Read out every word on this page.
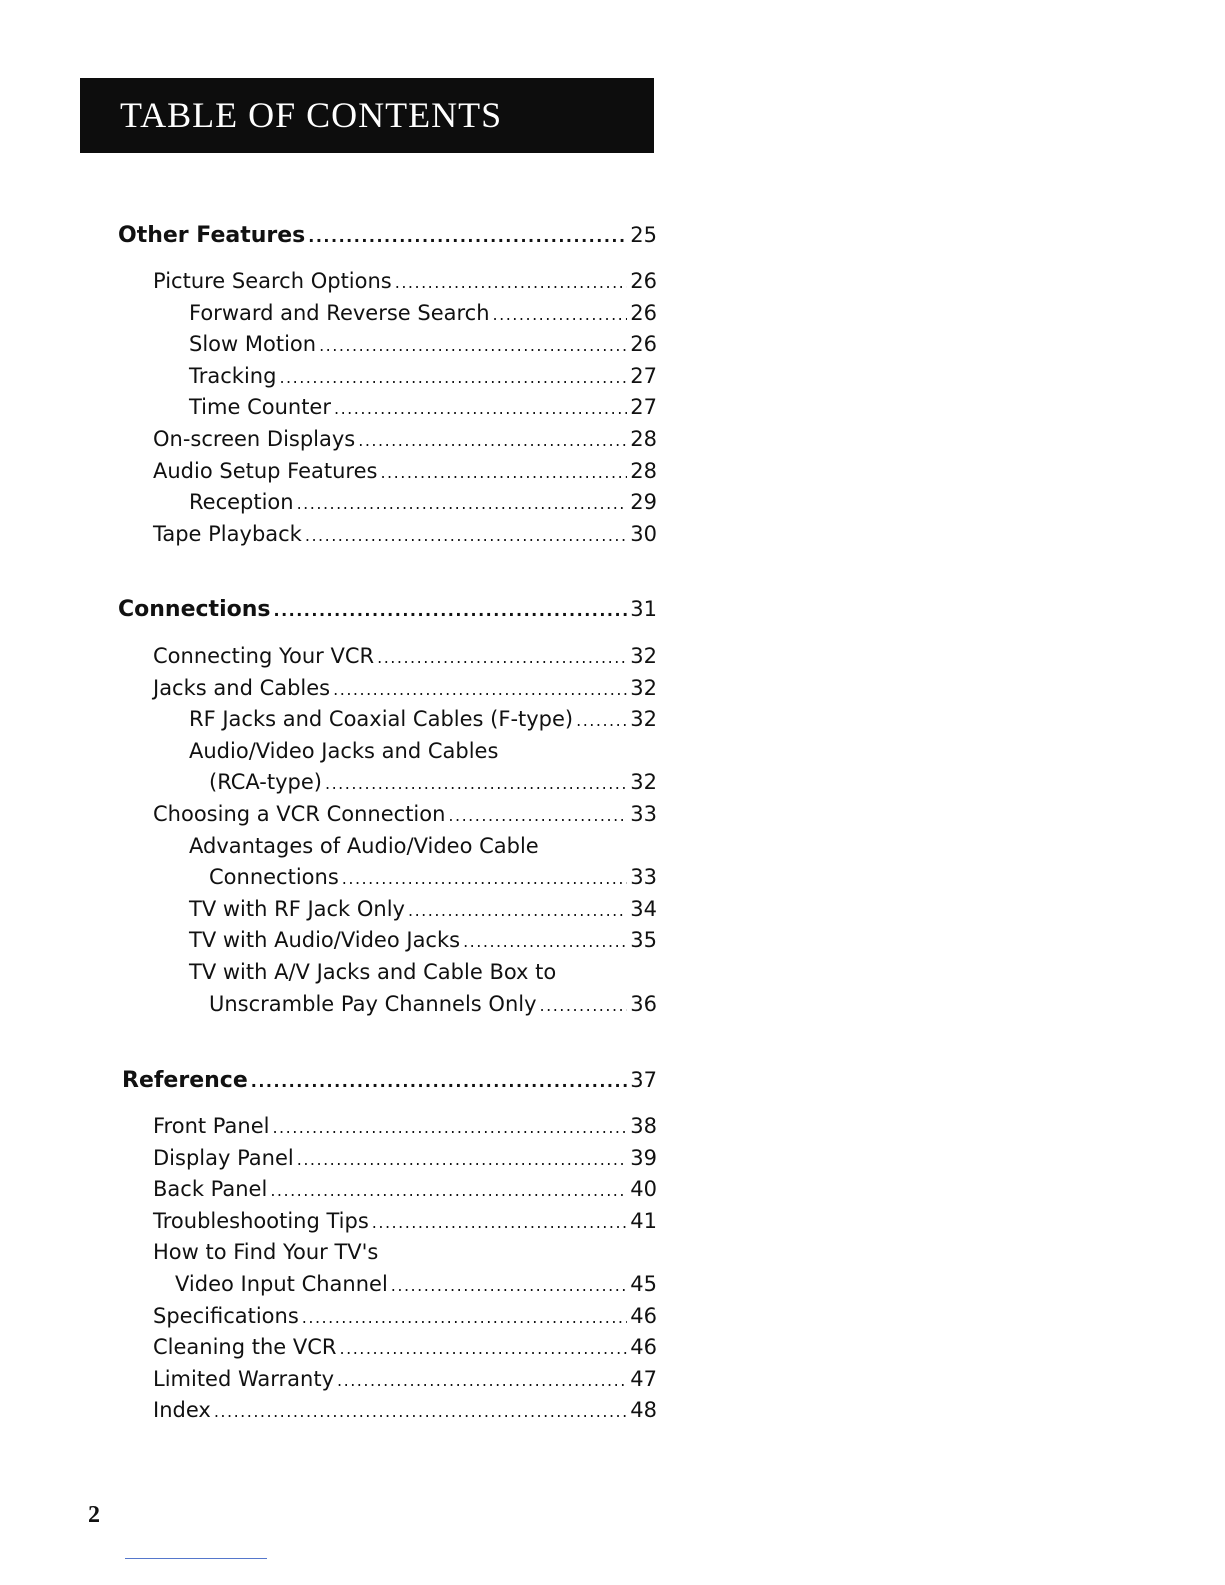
TABLE OF CONTENTS
Other Features .....	25
Picture Search Options .....	26
Forward and Reverse Search .....	26
Slow Motion .....	26
Tracking .....	27
Time Counter .....	27
On-screen Displays .....	28
Audio Setup Features .....	28
Reception .....	29
Tape Playback .....	30
Connections .....	31
Connecting Your VCR .....	32
Jacks and Cables .....	32
RF Jacks and Coaxial Cables (F-type) .....	32
Audio/Video Jacks and Cables
(RCA-type) .....	32
Choosing a VCR Connection .....	33
Advantages of Audio/Video Cable
Connections .....	33
TV with RF Jack Only .....	34
TV with Audio/Video Jacks .....	35
TV with A/V Jacks and Cable Box to
Unscramble Pay Channels Only .....	36
Reference .....	37
Front Panel .....	38
Display Panel .....	39
Back Panel .....	40
Troubleshooting Tips .....	41
How to Find Your TV's
Video Input Channel .....	45
Specifications .....	46
Cleaning the VCR .....	46
Limited Warranty .....	47
Index .....	48
2
